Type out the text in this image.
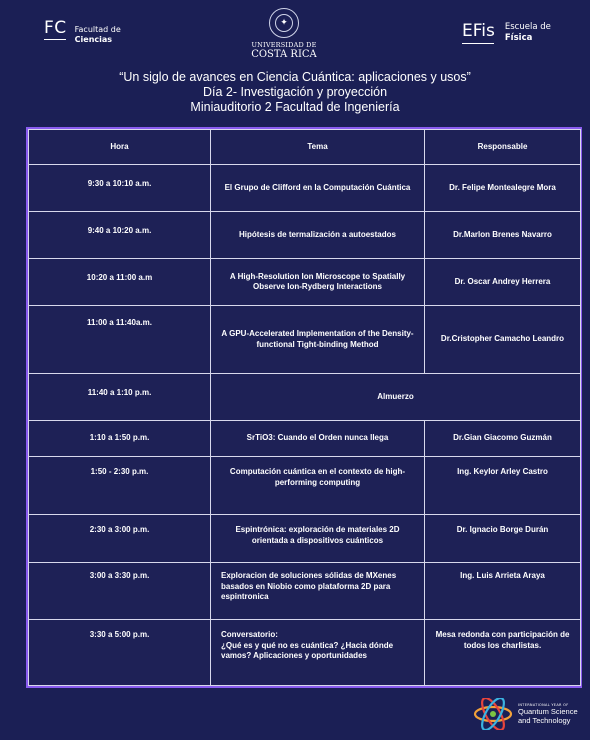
FC Facultad de
Ciencias
✦
UNIVERSIDAD DE
COSTA RICA
EFis Escuela de
Física
“Un siglo de avances en Ciencia Cuántica: aplicaciones y usos”
Día 2- Investigación y proyección
Miniauditorio 2 Facultad de Ingeniería
Hora	Tema	Responsable
9:30 a 10:10 a.m.	El Grupo de Clifford en la Computación Cuántica	Dr. Felipe Montealegre Mora
9:40 a 10:20 a.m.	Hipótesis de termalización a autoestados	Dr.Marlon Brenes Navarro
10:20 a 11:00 a.m	A High-Resolution Ion Microscope to Spatially Observe Ion-Rydberg Interactions	Dr. Oscar Andrey Herrera
11:00 a 11:40a.m.	A GPU-Accelerated Implementation of the Density-functional Tight-binding Method	Dr.Cristopher Camacho Leandro
11:40 a 1:10 p.m.	Almuerzo	
1:10 a 1:50 p.m.	SrTiO3: Cuando el Orden nunca llega	Dr.Gian Giacomo Guzmán
1:50 - 2:30 p.m.	Computación cuántica en el contexto de high-performing computing	Ing. Keylor Arley Castro
2:30 a 3:00 p.m.	Espintrónica: exploración de materiales 2D orientada a dispositivos cuánticos	Dr. Ignacio Borge Durán
3:00 a 3:30 p.m.	Exploracion de soluciones sólidas de MXenes basados en Niobio como plataforma 2D para espintronica	Ing. Luis Arrieta Araya
3:30 a 5:00 p.m.	Conversatorio:
¿Qué es y qué no es cuántica? ¿Hacia dónde vamos? Aplicaciones y oportunidades	Mesa redonda con participación de todos los charlistas.
INTERNATIONAL YEAR OF
Quantum Science
and Technology
